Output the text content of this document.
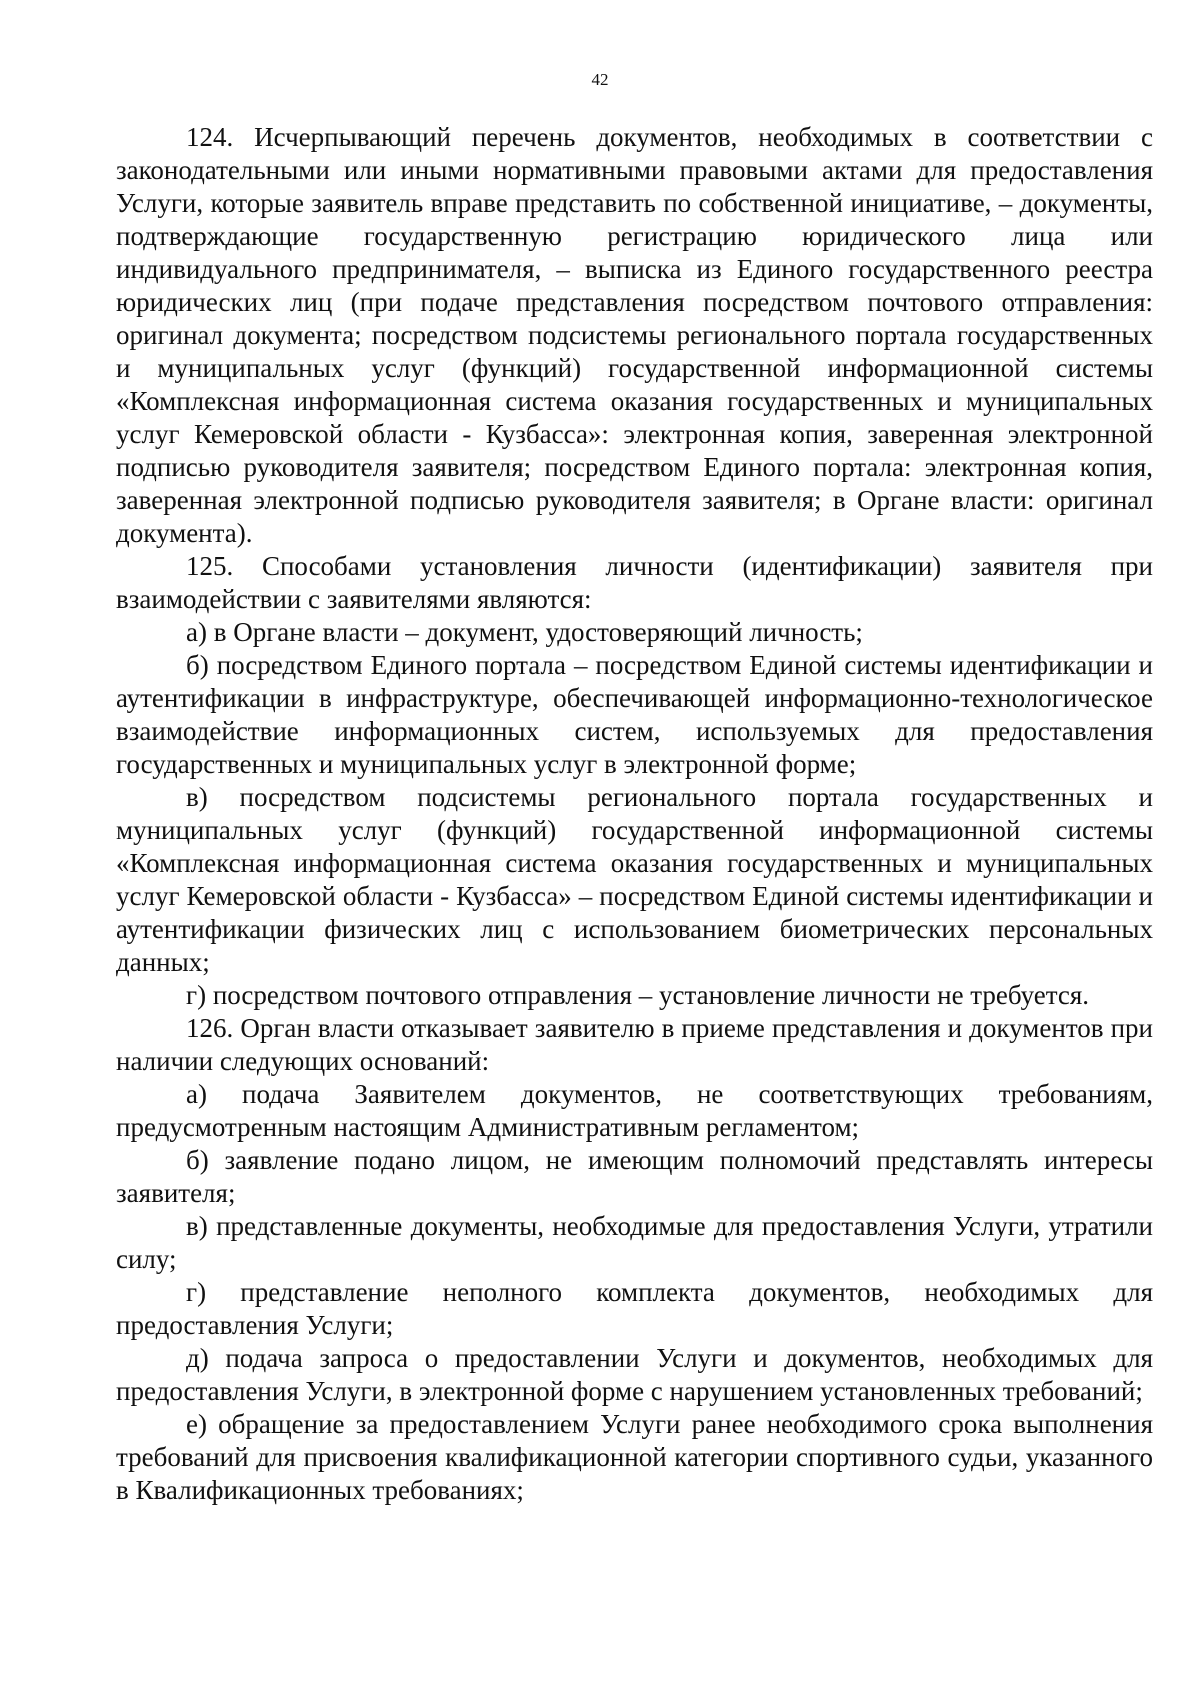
42

124. Исчерпывающий перечень документов, необходимых в соответствии с законодательными или иными нормативными правовыми актами для предоставления Услуги, которые заявитель вправе представить по собственной инициативе, – документы, подтверждающие государственную регистрацию юридического лица или индивидуального предпринимателя, – выписка из Единого государственного реестра юридических лиц (при подаче представления посредством почтового отправления: оригинал документа; посредством подсистемы регионального портала государственных и муниципальных услуг (функций) государственной информационной системы «Комплексная информационная система оказания государственных и муниципальных услуг Кемеровской области - Кузбасса»: электронная копия, заверенная электронной подписью руководителя заявителя; посредством Единого портала: электронная копия, заверенная электронной подписью руководителя заявителя; в Органе власти: оригинал документа).

125. Способами установления личности (идентификации) заявителя при взаимодействии с заявителями являются:

а) в Органе власти – документ, удостоверяющий личность;

б) посредством Единого портала – посредством Единой системы идентификации и аутентификации в инфраструктуре, обеспечивающей информационно-технологическое взаимодействие информационных систем, используемых для предоставления государственных и муниципальных услуг в электронной форме;

в) посредством подсистемы регионального портала государственных и муниципальных услуг (функций) государственной информационной системы «Комплексная информационная система оказания государственных и муниципальных услуг Кемеровской области - Кузбасса» – посредством Единой системы идентификации и аутентификации физических лиц с использованием биометрических персональных данных;

г) посредством почтового отправления – установление личности не требуется.

126. Орган власти отказывает заявителю в приеме представления и документов при наличии следующих оснований:

а) подача Заявителем документов, не соответствующих требованиям, предусмотренным настоящим Административным регламентом;

б) заявление подано лицом, не имеющим полномочий представлять интересы заявителя;

в) представленные документы, необходимые для предоставления Услуги, утратили силу;

г) представление неполного комплекта документов, необходимых для предоставления Услуги;

д) подача запроса о предоставлении Услуги и документов, необходимых для предоставления Услуги, в электронной форме с нарушением установленных требований;

е) обращение за предоставлением Услуги ранее необходимого срока выполнения требований для присвоения квалификационной категории спортивного судьи, указанного в Квалификационных требованиях;
